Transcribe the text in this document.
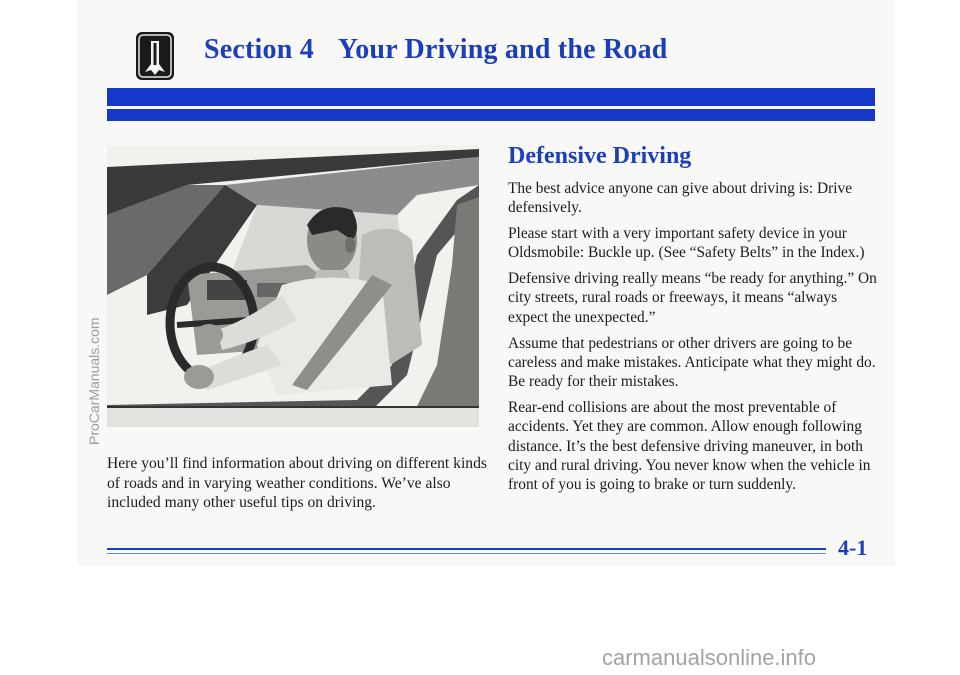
Section 4 Your Driving and the Road
Here you’ll find information about driving on different kinds of roads and in varying weather conditions. We’ve also included many other useful tips on driving.
Defensive Driving

The best advice anyone can give about driving is: Drive defensively.

Please start with a very important safety device in your Oldsmobile: Buckle up. (See “Safety Belts” in the Index.)

Defensive driving really means “be ready for anything.” On city streets, rural roads or freeways, it means “always expect the unexpected.”

Assume that pedestrians or other drivers are going to be careless and make mistakes. Anticipate what they might do. Be ready for their mistakes.

Rear-end collisions are about the most preventable of accidents. Yet they are common. Allow enough following distance. It’s the best defensive driving maneuver, in both city and rural driving. You never know when the vehicle in front of you is going to brake or turn suddenly.

4-1
ProCarManuals.com
carmanualsonline.info
